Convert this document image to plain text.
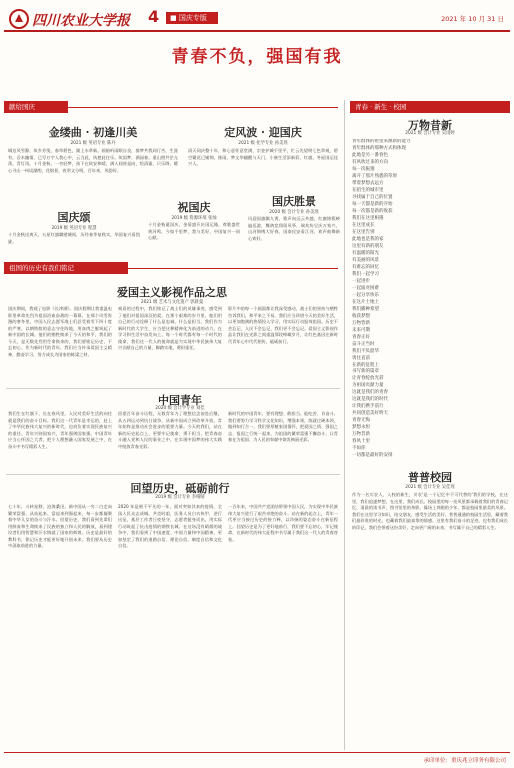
四川农业大学报 4	■ 国庆专版	2021 年 10 月 31 日
青春不负，强国有我
献给国庆	青春 · 新生 · 校园
金缕曲 · 初逢川美
2021 级 英语专业 陈丹
城边风雪静，故乡芳笺，春草碧色，湖上水草新。画船听雨眠自良，群梦共我同行苦，生涯有。吾木幽情，已写万字入我心中，云当此，执愁此往乐。故国梦，满园春。重山照共茫亢荡，青灯再，十月金秋，一杏轻梦，孩下在故安和晴，满人间皆是向，绘清霜，只乐降，暖心寻山一州谈湖酌，花烟景，夜翠文分明，百年来，风韵好。
定风波 · 迎国庆
2021 级 化学专业 孙美瑶
清天同庆整十年，和心意怀意堂满，宗金护城千里平，忙云先望明七色翠观，碧空繁花已铺锦，推雨，梦文华翻醒与天门，小康生活添新彩，红旗，冬星国运佳兴人。
国庆胜景
2020 级 会计专业 孙美瑶
风迎国旗飘九霄，歌声向远云外越，红旗锦簇映遍巡游，鹰鸽竞翔留风筝，瑞兆纷呈庆万家兴，山河锦绣大好春，国泰民安看江河，欢声鼓舞新心欢好。
祝国庆
2019 级 资源环境 张灿
十月金秋诞国庆，金菊盛开庆国运隆，欢歌盛世黄河鸣，今如千里梦，我与美好，中国复兴一同心献。
国庆颂
2019 级 英语专业 程慧
十月金秋送爽天，五星红旗飘壁城间，历经春华复秋实，华国复兴看凯旋。
祖国的历史有我们铭记
爱国主义影视作品之思
2021 级 艺术与文化遗产 郭晨曼
国庆期间，我观了电影《长津湖》。国庆假期让我重温电影里革命先烈为祖国浴血奋战的一幕幕，在那个风雪弥漫的寒冬里，中国人民志愿军战士们忍受着零下四十度的严寒，以钢铁般的意志守住阵地，用血肉之躯筑起了新中国的长城。他们的牺牲换来了今天的和平，我们的今天，是无数先烈用生命换来的，我们要铭记历史，不忘初心。作为新时代的青年，我们应当传承爱国主义精神，勤奋学习，努力成长为国家的栋梁之材。
观看的过程中，我们铭记了战士们的英雄事迹，感受到了他们对祖国深沉的爱。在那个艰难的岁月里，他们用自己的行动诠释了什么是忠诚，什么是担当。我们作为新时代的大学生，应当把这种精神化为前进的动力，在学习和生活中奋发向上。每一个时代都有每一个时代的使命，我们这一代人的使命就是为实现中华民族伟大复兴贡献自己的力量，脚踏实地，勇担重任。
影片中的每一个画面都让我深受感动，战士们的坚持与牺牲告诉我们，和平来之不易。我们应当珍惜今天的美好生活，以更加饱满的热情投入学习，用实际行动报效祖国。历史不会忘记，人民不会忘记，我们更不会忘记。爱国主义影视作品让我们在光影之间重温那段峥嵘岁月，让红色基因在新时代青年心中代代相传，砥砺前行。
我们生在红旗下，长在春风里，人民对美好生活的向往就是我们的奋斗目标。我们这一代青年是幸运的，赶上了中华民族伟大复兴的新时代，也肩负着实现民族复兴的重任。青年兴则国家兴，青年强则国家强。中国青年应当心怀国之大者，把个人理想融入国家发展之中，在奋斗中书写精彩人生。
中国青年
2020 级 会计学专业 刘佳
回望百年奋斗历程，无数青年为了理想信念前赴后继，从五四运动到抗日战争，从新中国成立到改革开放，青年始终是推动社会进步的重要力量。今天的我们，站在新的历史起点上，更要牢记使命，勇于担当，把青春奋斗融入党和人民的事业之中，在实现中国梦的伟大实践中绽放青春光彩。
新时代的中国青年，要有理想、敢担当、能吃苦、肯奋斗。我们要努力学习科学文化知识，增强本领，练就过硬本领，做到知行合一。我们要厚植家国情怀，把爱国之情、强国之志、报国之行统一起来，为祖国的繁荣富强不懈奋斗，让青春在为祖国、为人民的奉献中焕发绚丽光彩。
回望历史，砥砺前行
2019 级 会计专业 李晴晴
七十年，斗转星移，沧海桑田。新中国从一穷二白走向繁荣富强，从站起来、富起来到强起来，每一步都凝聚着中华儿女的奋斗与汗水。回望历史，我们看到先辈们用鲜血和生命换来了民族的独立和人民的解放，看到建设者们用智慧和汗水铸就了国家的辉煌。历史是最好的教科书，铭记历史才能更好地开创未来，我们要从历史中汲取前进的力量。
2020 年是极不平凡的一年，面对突如其来的疫情，全国人民众志成城，共克时艰，医务人员白衣执甲，逆行出征，基层工作者日夜坚守，志愿者挺身而出，用实际行动筑起了抗击疫情的钢铁长城。在这场没有硝烟的战争中，我们看到了中国速度、中国力量和中国精神，更加坚定了我们的道路自信、理论自信、制度自信和文化自信。
一百年来，中国共产党团结带领中国人民，为实现中华民族伟大复兴进行了艰苦卓绝的奋斗。站在新的起点上，青年一代更应当接过历史的接力棒，以昂扬的姿态奋斗在新征程上。回望历史是为了更好地前行，我们要不忘初心，牢记使命，在新时代的伟大征程中书写属于我们这一代人的青春答卷。
万物昔新
2021 级 会计专业 吴雨婷
青年群体的希望来源新的能力
青年群体的那种方式和体现
此地是另一番春色
有风吹过来的方向
每一次振翅
离开了那片熟悉的草原
带着梦想去远方
在陌生的城市里
寻找属于自己的位置
每一天都是新的开始
每一次都是新的收获
我们在这里相遇
在这里成长
在这里告别
此地也是我的家
这里有新的朋友
有温暖的阳光
有美丽的风景
有难忘的回忆
我们一起学习
一起进步
一起面对困难
一起分享快乐
在这片土地上
我们播种希望
收获梦想
万物皆新
未来可期
青春正好
奋斗正当时
我们不负韶华
勇往直前
在新的征程上
书写新的篇章
让青春绽放光彩
为祖国贡献力量
这就是我们的青春
这就是我们的时代
让我们携手前行
共同创造美好明天
青春无悔
梦想永恒
万物昔新
春风十里
不如你
一切都是最好的安排
普普校园
2021 级 会计专业 吴佳瑶
作为一名川农人，入校的新生，川农'是一个记忆中不可代替的'我们的学校，在这里，我们追逐梦想，在这里，我们成长。校园里的每一处风景都承载着我们的青春记忆，清晨的读书声，图书馆里的身影，操场上奔跑的少年，都是校园里最美的风景。我们在这里学习知识，结交朋友，感受生活的美好。普普通通的校园生活里，藏着我们最珍贵的时光，也藏着我们最真挚的情感。这里有我们奋斗的足迹，也有我们成长的印记，我们会带着这份美好，走向更广阔的未来，书写属于自己的精彩人生。
承印单位：重庆兆立印务有限公司
